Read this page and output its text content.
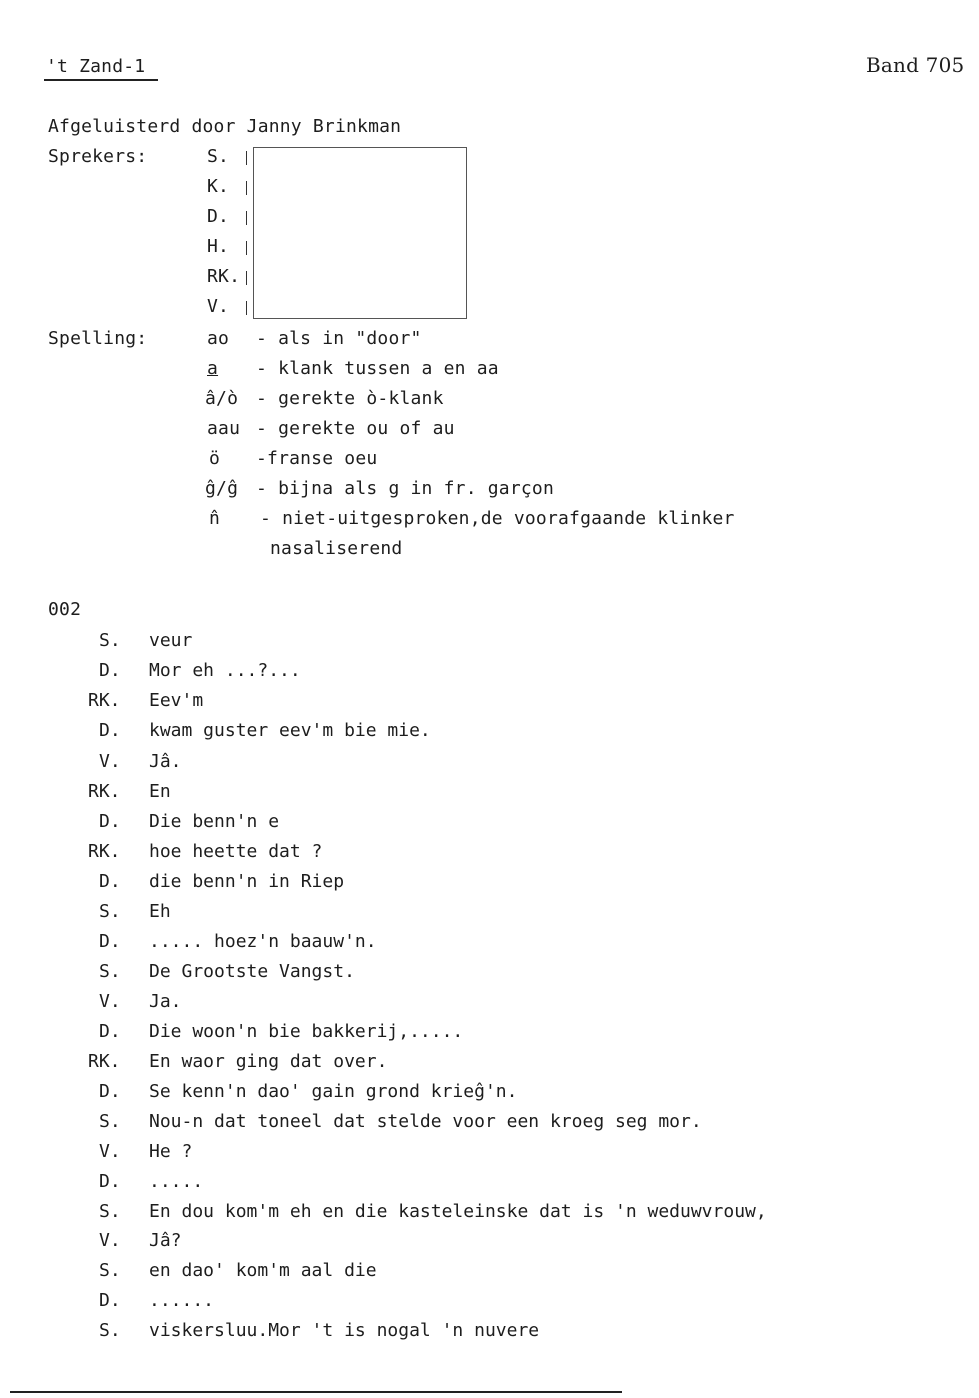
't Zand-1	Band 705
Afgeluisterd door Janny Brinkman
Sprekers:	S.
K.
D.
H.
RK.
V.
Spelling:	ao - als in "door"
a - klank tussen a en aa
â/ò - gerekte ò-klank
aau - gerekte ou of au
ö -franse oeu
ĝ/ĝ - bijna als g in fr. garçon
n̂ - niet-uitgesproken,de voorafgaande klinker
nasaliserend
002
S. veur
D. Mor eh ...?...
RK. Eev'm
D. kwam guster eev'm bie mie.
V. Jâ.
RK. En
D. Die benn'n e
RK. hoe heette dat ?
D. die benn'n in Riep
S. Eh
D. ..... hoez'n baauw'n.
S. De Grootste Vangst.
V. Ja.
D. Die woon'n bie bakkerij,.....
RK. En waor ging dat over.
D. Se kenn'n dao' gain grond krieĝ'n.
S. Nou-n dat toneel dat stelde voor een kroeg seg mor.
V. He ?
D. .....
S. En dou kom'm eh en die kasteleinske dat is 'n weduwvrouw,
V. Jâ?
S. en dao' kom'm aal die
D. ......
S. viskersluu.Mor 't is nogal 'n nuvere
